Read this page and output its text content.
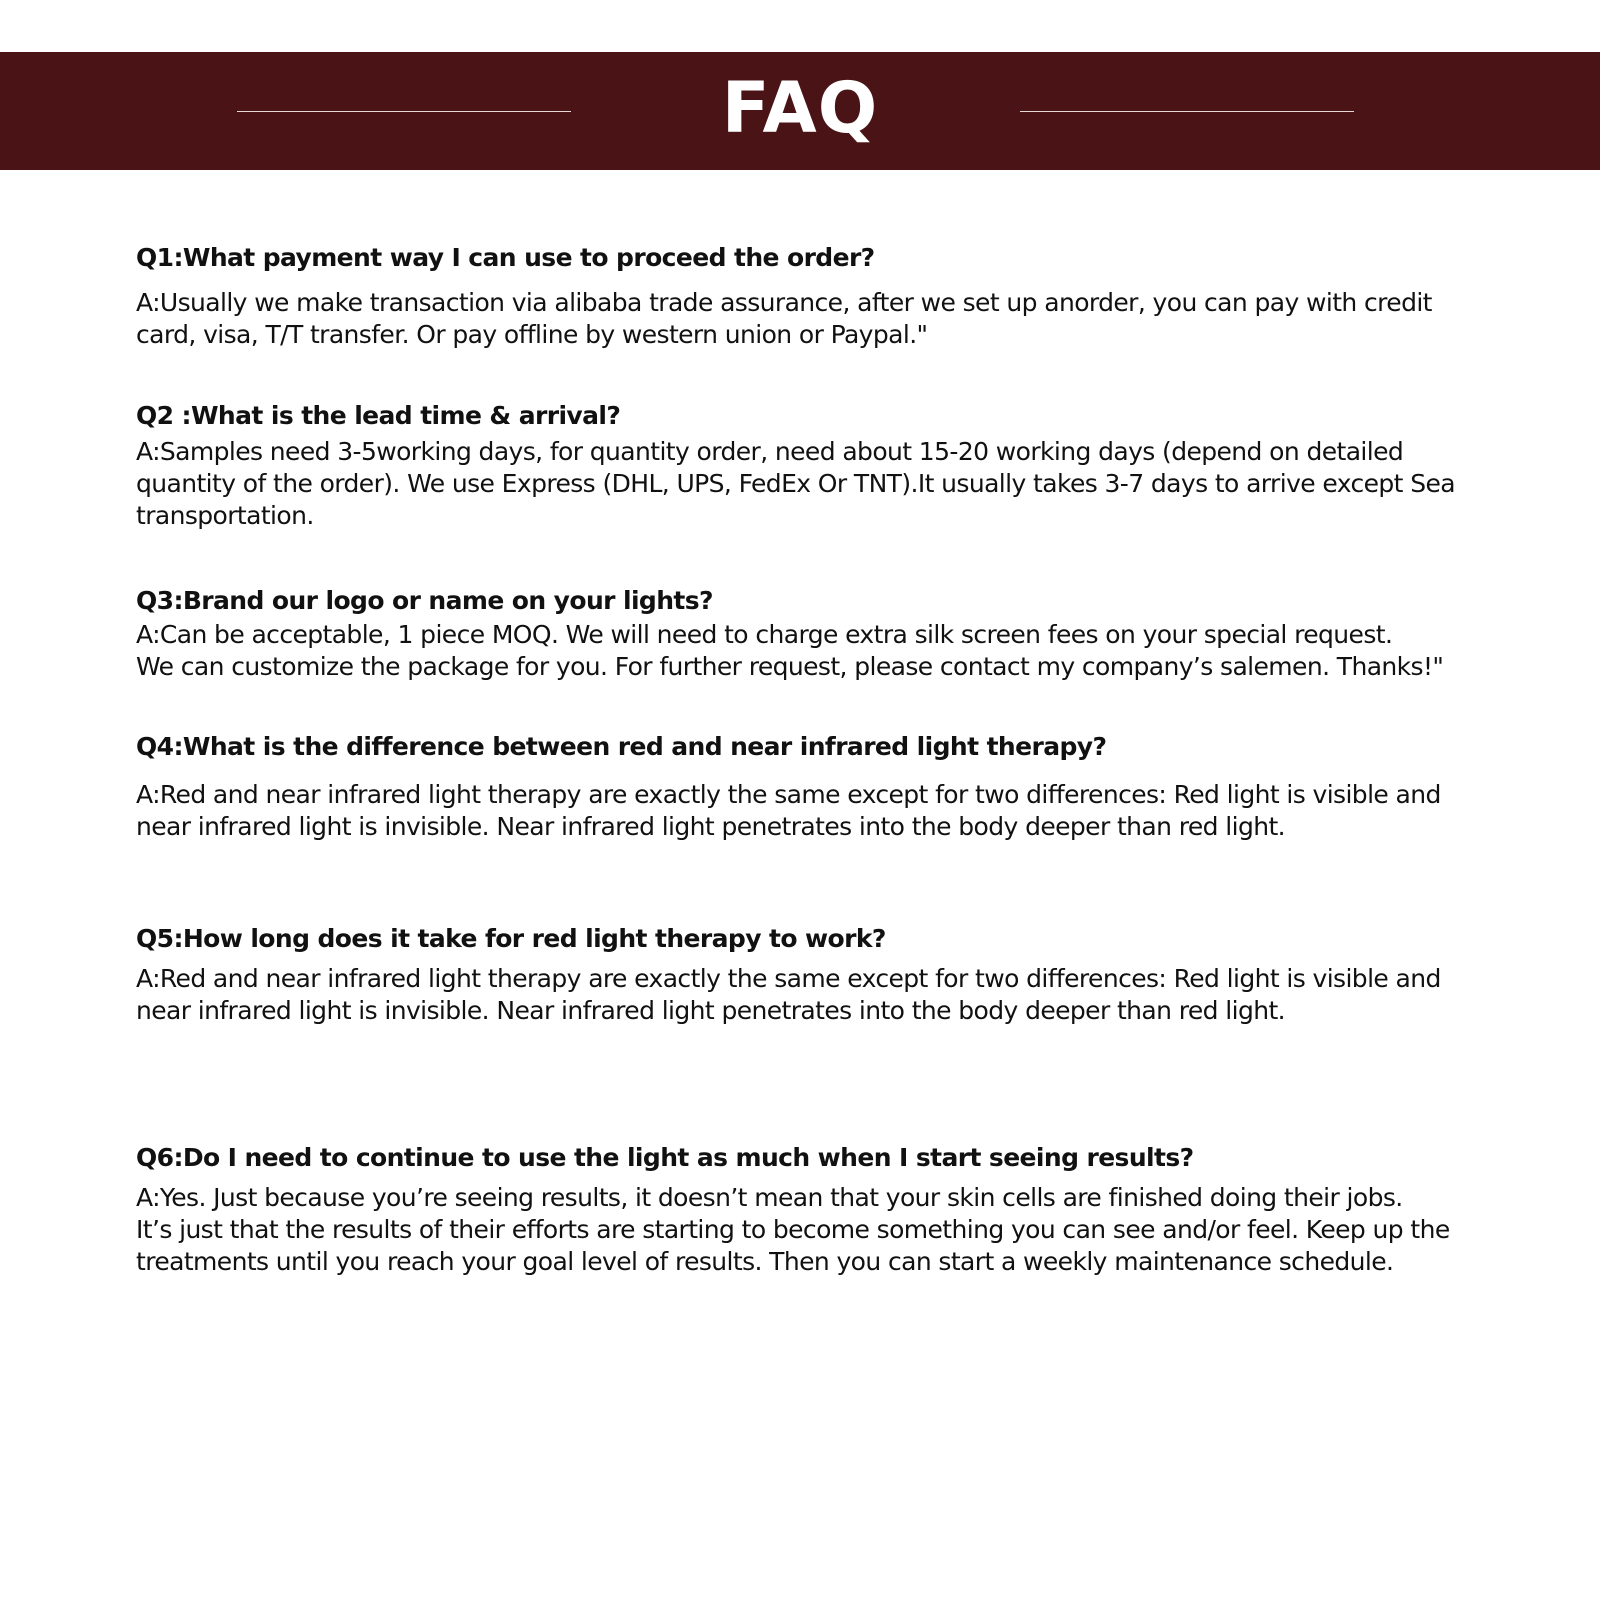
FAQ

Q1:What payment way I can use to proceed the order?

A:Usually we make transaction via alibaba trade assurance, after we set up anorder, you can pay with credit
card, visa, T/T transfer. Or pay offline by western union or Paypal."

Q2 :What is the lead time & arrival?

A:Samples need 3-5working days, for quantity order, need about 15-20 working days (depend on detailed
quantity of the order). We use Express (DHL, UPS, FedEx Or TNT).It usually takes 3-7 days to arrive except Sea
transportation.

Q3:Brand our logo or name on your lights?

A:Can be acceptable, 1 piece MOQ. We will need to charge extra silk screen fees on your special request.
We can customize the package for you. For further request, please contact my company’s salemen. Thanks!"

Q4:What is the difference between red and near infrared light therapy?

A:Red and near infrared light therapy are exactly the same except for two differences: Red light is visible and
near infrared light is invisible. Near infrared light penetrates into the body deeper than red light.

Q5:How long does it take for red light therapy to work?

A:Red and near infrared light therapy are exactly the same except for two differences: Red light is visible and
near infrared light is invisible. Near infrared light penetrates into the body deeper than red light.

Q6:Do I need to continue to use the light as much when I start seeing results?

A:Yes. Just because you’re seeing results, it doesn’t mean that your skin cells are finished doing their jobs.
It’s just that the results of their efforts are starting to become something you can see and/or feel. Keep up the
treatments until you reach your goal level of results. Then you can start a weekly maintenance schedule.
